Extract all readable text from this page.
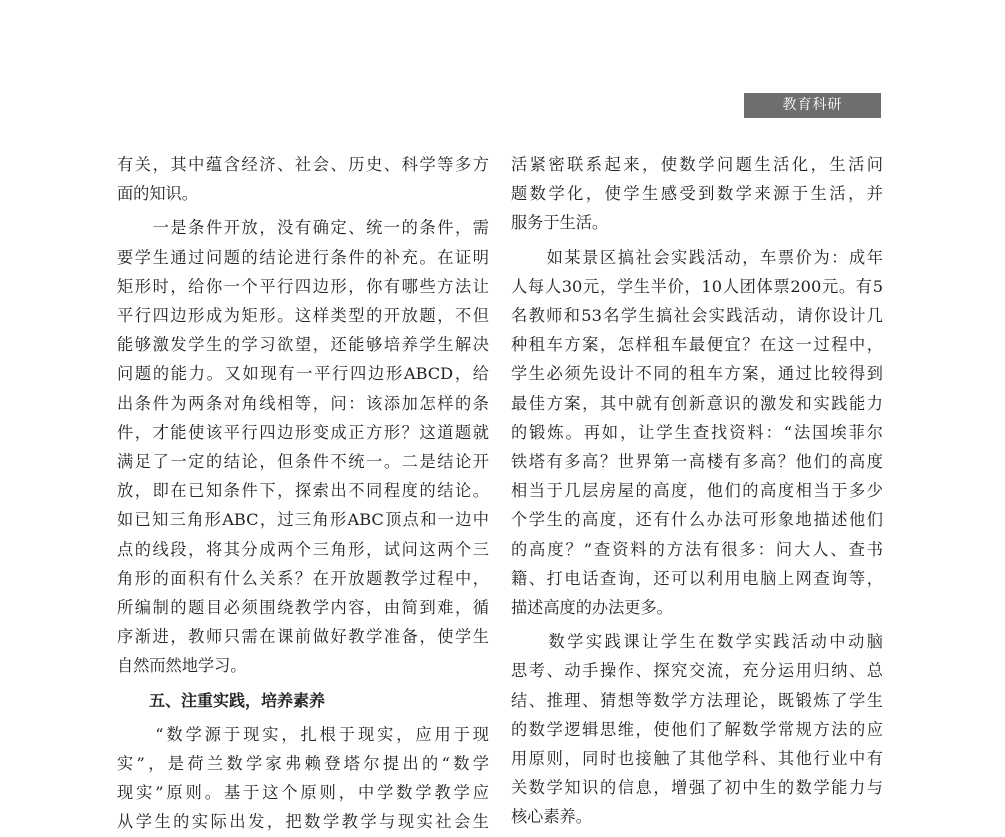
教育科研
有关，其中蕴含经济、社会、历史、科学等多方
面的知识。
　　一是条件开放，没有确定、统一的条件，需
要学生通过问题的结论进行条件的补充。在证明
矩形时，给你一个平行四边形，你有哪些方法让
平行四边形成为矩形。这样类型的开放题，不但
能够激发学生的学习欲望，还能够培养学生解决
问题的能力。又如现有一平行四边形ABCD，给
出条件为两条对角线相等，问：该添加怎样的条
件，才能使该平行四边形变成正方形？这道题就
满足了一定的结论，但条件不统一。二是结论开
放，即在已知条件下，探索出不同程度的结论。
如已知三角形ABC，过三角形ABC顶点和一边中
点的线段，将其分成两个三角形，试问这两个三
角形的面积有什么关系？在开放题教学过程中，
所编制的题目必须围绕教学内容，由简到难，循
序渐进，教师只需在课前做好教学准备，使学生
自然而然地学习。
五、注重实践，培养素养
　　“数学源于现实，扎根于现实，应用于现
实”，是荷兰数学家弗赖登塔尔提出的“数学
现实”原则。基于这个原则，中学数学教学应
从学生的实际出发，把数学教学与现实社会生
活紧密联系起来，使数学问题生活化，生活问
题数学化，使学生感受到数学来源于生活，并
服务于生活。
　　如某景区搞社会实践活动，车票价为：成年
人每人30元，学生半价，10人团体票200元。有5
名教师和53名学生搞社会实践活动，请你设计几
种租车方案，怎样租车最便宜？在这一过程中，
学生必须先设计不同的租车方案，通过比较得到
最佳方案，其中就有创新意识的激发和实践能力
的锻炼。再如，让学生查找资料：“法国埃菲尔
铁塔有多高？世界第一高楼有多高？他们的高度
相当于几层房屋的高度，他们的高度相当于多少
个学生的高度，还有什么办法可形象地描述他们
的高度？”查资料的方法有很多：问大人、查书
籍、打电话查询，还可以利用电脑上网查询等，
描述高度的办法更多。
　　数学实践课让学生在数学实践活动中动脑
思考、动手操作、探究交流，充分运用归纳、总
结、推理、猜想等数学方法理论，既锻炼了学生
的数学逻辑思维，使他们了解数学常规方法的应
用原则，同时也接触了其他学科、其他行业中有
关数学知识的信息，增强了初中生的数学能力与
核心素养。
